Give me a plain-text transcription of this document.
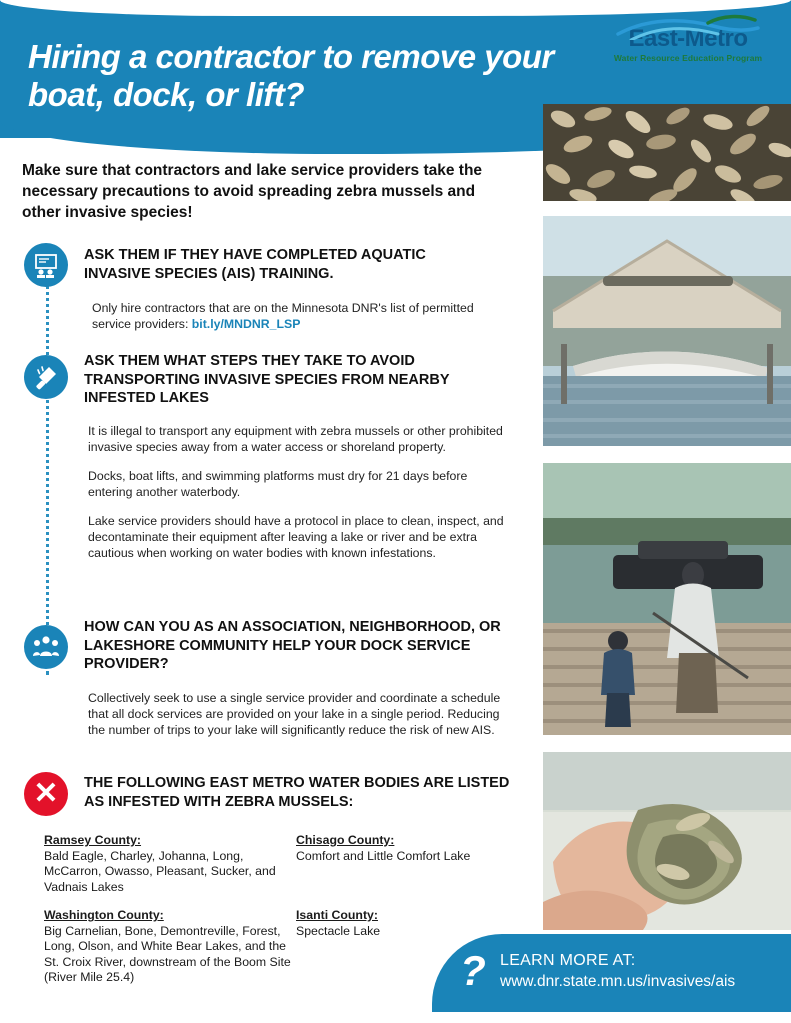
Hiring a contractor to remove your boat, dock, or lift?
East-Metro
Water Resource Education Program
Make sure that contractors and lake service providers take the necessary precautions to avoid spreading zebra mussels and other invasive species!
ASK THEM IF THEY HAVE COMPLETED AQUATIC INVASIVE SPECIES (AIS) TRAINING.
Only hire contractors that are on the Minnesota DNR's list of permitted service providers: bit.ly/MNDNR_LSP
ASK THEM WHAT STEPS THEY TAKE TO AVOID TRANSPORTING INVASIVE SPECIES FROM NEARBY INFESTED LAKES

It is illegal to transport any equipment with zebra mussels or other prohibited invasive species away from a water access or shoreland property.

Docks, boat lifts, and swimming platforms must dry for 21 days before entering another waterbody.

Lake service providers should have a protocol in place to clean, inspect, and decontaminate their equipment after leaving a lake or river and be extra cautious when working on water bodies with known infestations.

HOW CAN YOU AS AN ASSOCIATION, NEIGHBORHOOD, OR LAKESHORE COMMUNITY HELP YOUR DOCK SERVICE PROVIDER?

Collectively seek to use a single service provider and coordinate a schedule that all dock services are provided on your lake in a single period. Reducing the number of trips to your lake will significantly reduce the risk of new AIS.

✕	THE FOLLOWING EAST METRO WATER BODIES ARE LISTED AS INFESTED WITH ZEBRA MUSSELS:
Ramsey County:
Bald Eagle, Charley, Johanna, Long, McCarron, Owasso, Pleasant, Sucker, and Vadnais Lakes
Chisago County:
Comfort and Little Comfort Lake
Washington County:
Big Carnelian, Bone, Demontreville, Forest, Long, Olson, and White Bear Lakes, and the St. Croix River, downstream of the Boom Site (River Mile 25.4)
Isanti County:
Spectacle Lake
? LEARN MORE AT:
www.dnr.state.mn.us/invasives/ais
